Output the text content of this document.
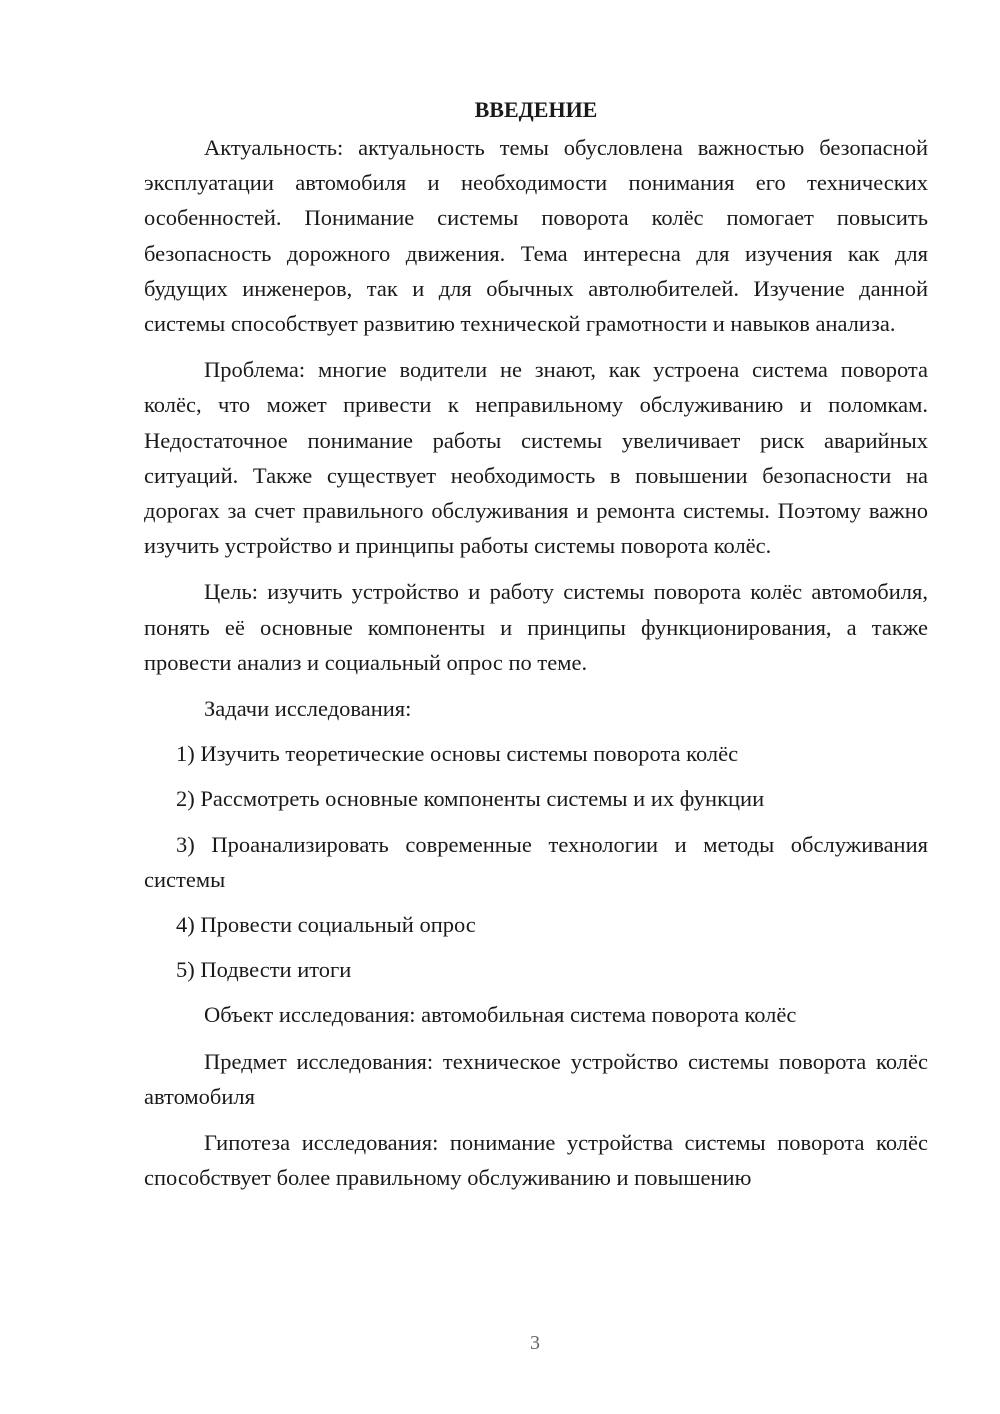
ВВЕДЕНИЕ

Актуальность: актуальность темы обусловлена важностью безопасной эксплуатации автомобиля и необходимости понимания его технических особенностей. Понимание системы поворота колёс помогает повысить безопасность дорожного движения. Тема интересна для изучения как для будущих инженеров, так и для обычных автолюбителей. Изучение данной системы способствует развитию технической грамотности и навыков анализа.

Проблема: многие водители не знают, как устроена система поворота колёс, что может привести к неправильному обслуживанию и поломкам. Недостаточное понимание работы системы увеличивает риск аварийных ситуаций. Также существует необходимость в повышении безопасности на дорогах за счет правильного обслуживания и ремонта системы. Поэтому важно изучить устройство и принципы работы системы поворота колёс.

Цель: изучить устройство и работу системы поворота колёс автомобиля, понять её основные компоненты и принципы функционирования, а также провести анализ и социальный опрос по теме.

Задачи исследования:

1) Изучить теоретические основы системы поворота колёс

2) Рассмотреть основные компоненты системы и их функции

3) Проанализировать современные технологии и методы обслуживания системы

4) Провести социальный опрос

5) Подвести итоги

Объект исследования: автомобильная система поворота колёс

Предмет исследования: техническое устройство системы поворота колёс автомобиля

Гипотеза исследования: понимание устройства системы поворота колёс способствует более правильному обслуживанию и повышению

3
